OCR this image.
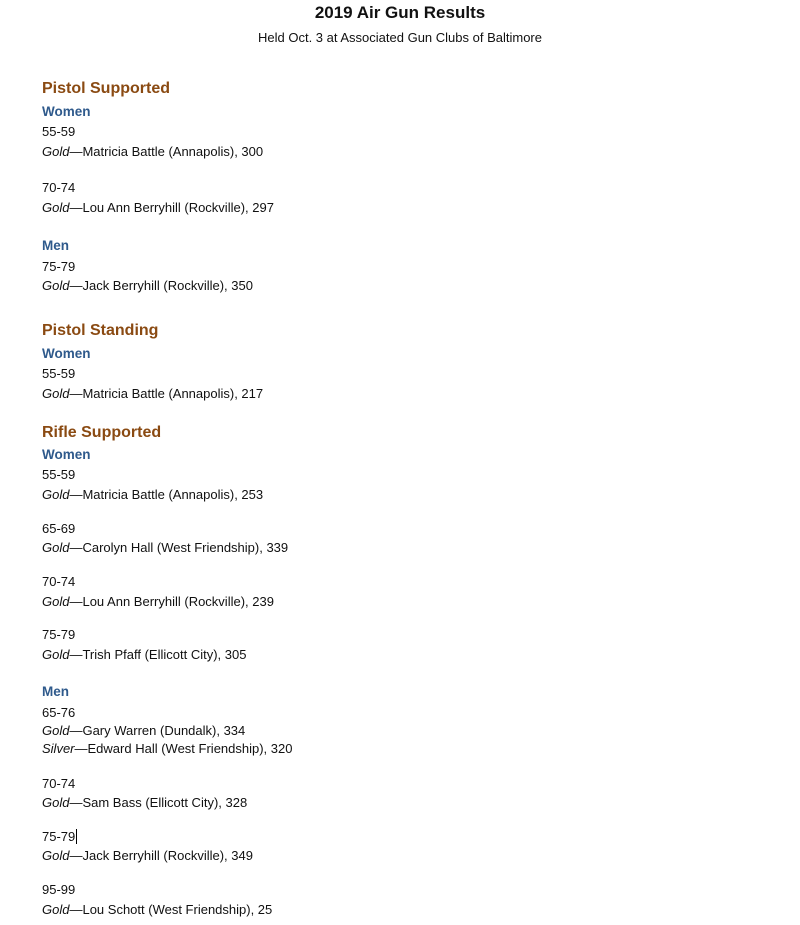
2019 Air Gun Results
Held Oct. 3 at Associated Gun Clubs of Baltimore
Pistol Supported
Women
55-59
Gold—Matricia Battle (Annapolis), 300
70-74
Gold—Lou Ann Berryhill (Rockville), 297
Men
75-79
Gold—Jack Berryhill (Rockville), 350
Pistol Standing
Women
55-59
Gold—Matricia Battle (Annapolis), 217
Rifle Supported
Women
55-59
Gold—Matricia Battle (Annapolis), 253
65-69
Gold—Carolyn Hall (West Friendship), 339
70-74
Gold—Lou Ann Berryhill (Rockville), 239
75-79
Gold—Trish Pfaff (Ellicott City), 305
Men
65-76
Gold—Gary Warren (Dundalk), 334
Silver—Edward Hall (West Friendship), 320
70-74
Gold—Sam Bass (Ellicott City), 328
75-79
Gold—Jack Berryhill (Rockville), 349
95-99
Gold—Lou Schott (West Friendship), 25
